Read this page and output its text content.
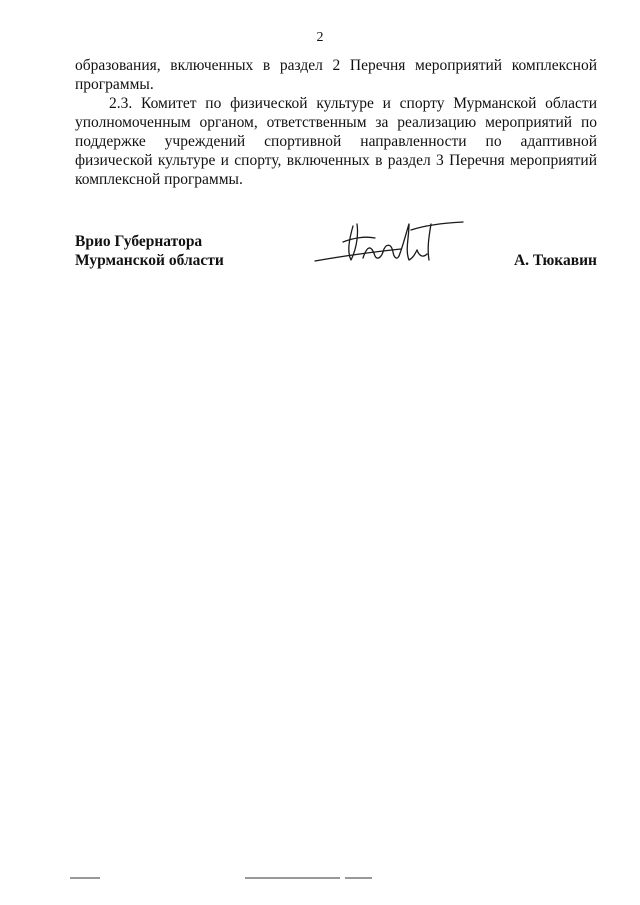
2

образования, включенных в раздел 2 Перечня мероприятий комплексной программы.

2.3. Комитет по физической культуре и спорту Мурманской области уполномоченным органом, ответственным за реализацию мероприятий по поддержке учреждений спортивной направленности по адаптивной физической культуре и спорту, включенных в раздел 3 Перечня мероприятий комплексной программы.

Врио Губернатора
Мурманской области	А. Тюкавин
